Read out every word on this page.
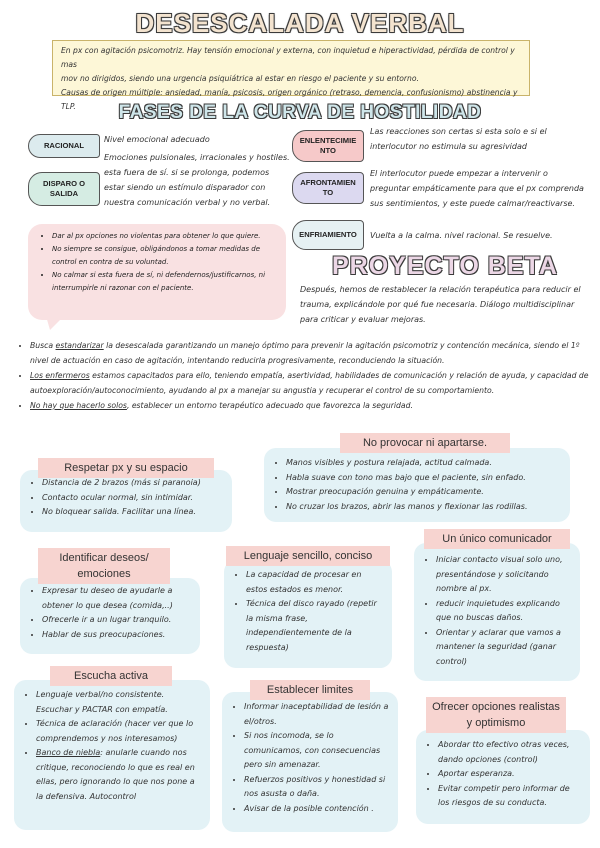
DESESCALADA VERBAL

En px con agitación psicomotriz. Hay tensión emocional y externa, con inquietud e hiperactividad, pérdida de control y mas

mov no dirigidos, siendo una urgencia psiquiátrica al estar en riesgo el paciente y su entorno.

Causas de origen múltiple: ansiedad, manía, psicosis, origen orgánico (retraso, demencia, confusionismo) abstinencia y TLP.	FASES DE LA CURVA DE HOSTILIDAD
RACIONAL
Nivel emocional adecuado
DISPARO O SALIDA
Emociones pulsionales, irracionales y hostiles.
esta fuera de sí. si se prolonga, podemos
estar siendo un estímulo disparador con
nuestra comunicación verbal y no verbal.
ENLENTECIMIENTO
Las reacciones son certas si esta solo e si el
interlocutor no estimula su agresividad
AFRONTAMIENTO
El interlocutor puede empezar a intervenir o
preguntar empáticamente para que el px comprenda
sus sentimientos, y este puede calmar/reactivarse.
ENFRIAMIENTO	Vuelta a la calma. nivel racional. Se resuelve.
• Dar al px opciones no violentas para obtener lo que quiere.
• No siempre se consigue, obligándonos a tomar medidas de control en contra de su voluntad.
• No calmar si esta fuera de sí, ni defendernos/justificarnos, ni interrumpirle ni razonar con el paciente.
PROYECTO BETA
Después, hemos de restablecer la relación terapéutica para reducir el trauma, explicándole por qué fue necesaria. Diálogo multidisciplinar para criticar y evaluar mejoras.
• Busca estandarizar la desescalada garantizando un manejo óptimo para prevenir la agitación psicomotriz y contención mecánica, siendo el 1º nivel de actuación en caso de agitación, intentando reducirla progresivamente, reconduciendo la situación.
• Los enfermeros estamos capacitados para ello, teniendo empatía, asertividad, habilidades de comunicación y relación de ayuda, y capacidad de autoexploración/autoconocimiento, ayudando al px a manejar su angustia y recuperar el control de su comportamiento.
• No hay que hacerlo solos, establecer un entorno terapéutico adecuado que favorezca la seguridad.
• Manos visibles y postura relajada, actitud calmada.
• Habla suave con tono mas bajo que el paciente, sin enfado.
• Mostrar preocupación genuina y empáticamente.
• No cruzar los brazos, abrir las manos y flexionar las rodillas.
No provocar ni apartarse.
• Distancia de 2 brazos (más si paranoia)
• Contacto ocular normal, sin intimidar.
• No bloquear salida. Facilitar una línea.
Respetar px y su espacio
• Expresar tu deseo de ayudarle a obtener lo que desea (comida,..)
• Ofrecerle ir a un lugar tranquilo.
• Hablar de sus preocupaciones.
Identificar deseos/ emociones	• La capacidad de procesar en estos estados es menor.
• Técnica del disco rayado (repetir la misma frase, independientemente de la respuesta)
Lenguaje sencillo, conciso	• Iniciar contacto visual solo uno, presentándose y solicitando nombre al px.
• reducir inquietudes explicando que no buscas daños.
• Orientar y aclarar que vamos a mantener la seguridad (ganar control)
Un único comunicador
• Lenguaje verbal/no consistente. Escuchar y PACTAR con empatía.
• Técnica de aclaración (hacer ver que lo comprendemos y nos interesamos)
• Banco de niebla: anularle cuando nos critique, reconociendo lo que es real en ellas, pero ignorando lo que nos pone a la defensiva. Autocontrol
Escucha activa
• Informar inaceptabilidad de lesión a el/otros.
• Si nos incomoda, se lo comunicamos, con consecuencias pero sin amenazar.
• Refuerzos positivos y honestidad si nos asusta o daña.
• Avisar de la posible contención .
Establecer limites
• Abordar tto efectivo otras veces, dando opciones (control)
• Aportar esperanza.
• Evitar competir pero informar de los riesgos de su conducta.
Ofrecer opciones realistas y optimismo
